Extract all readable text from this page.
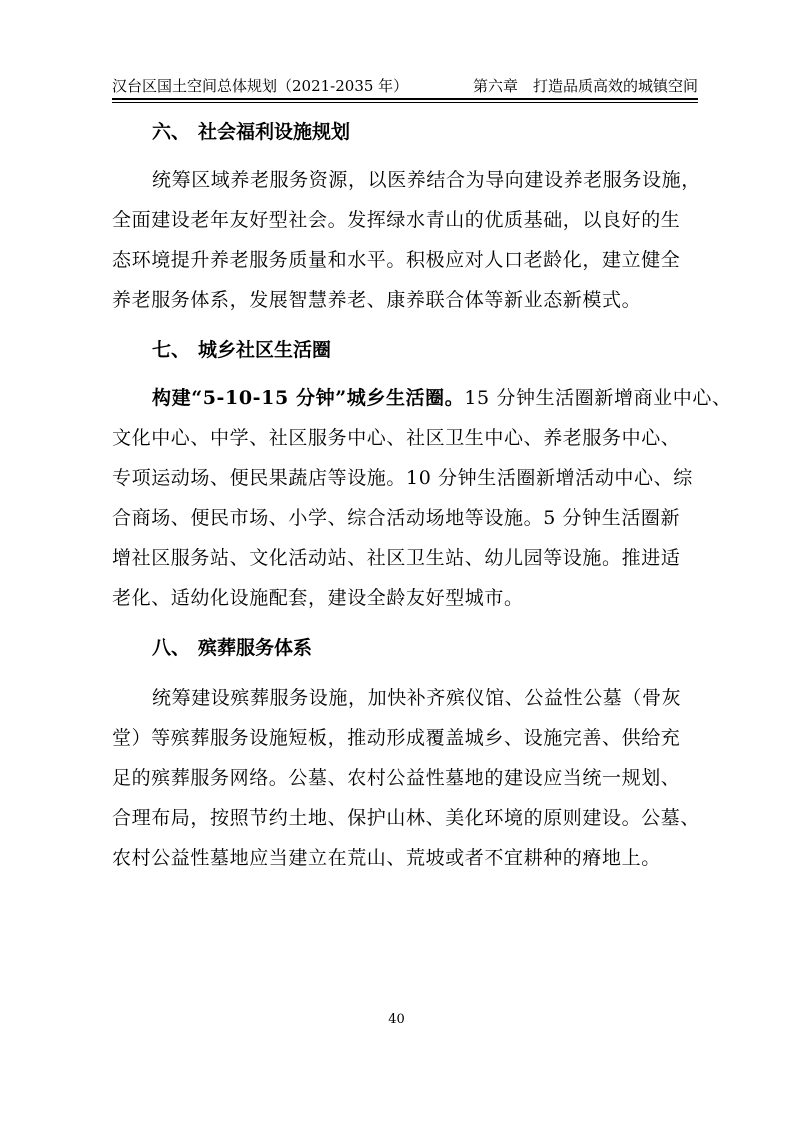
汉台区国土空间总体规划（2021-2035 年）	第六章　打造品质高效的城镇空间
六、 社会福利设施规划

统筹区域养老服务资源，以医养结合为导向建设养老服务设施，
全面建设老年友好型社会。发挥绿水青山的优质基础，以良好的生
态环境提升养老服务质量和水平。积极应对人口老龄化，建立健全
养老服务体系，发展智慧养老、康养联合体等新业态新模式。

七、 城乡社区生活圈

构建“5-10-15 分钟”城乡生活圈。15 分钟生活圈新增商业中心、
文化中心、中学、社区服务中心、社区卫生中心、养老服务中心、
专项运动场、便民果蔬店等设施。10 分钟生活圈新增活动中心、综
合商场、便民市场、小学、综合活动场地等设施。5 分钟生活圈新
增社区服务站、文化活动站、社区卫生站、幼儿园等设施。推进适
老化、适幼化设施配套，建设全龄友好型城市。

八、 殡葬服务体系

统筹建设殡葬服务设施，加快补齐殡仪馆、公益性公墓（骨灰
堂）等殡葬服务设施短板，推动形成覆盖城乡、设施完善、供给充
足的殡葬服务网络。公墓、农村公益性墓地的建设应当统一规划、
合理布局，按照节约土地、保护山林、美化环境的原则建设。公墓、
农村公益性墓地应当建立在荒山、荒坡或者不宜耕种的瘠地上。

40
